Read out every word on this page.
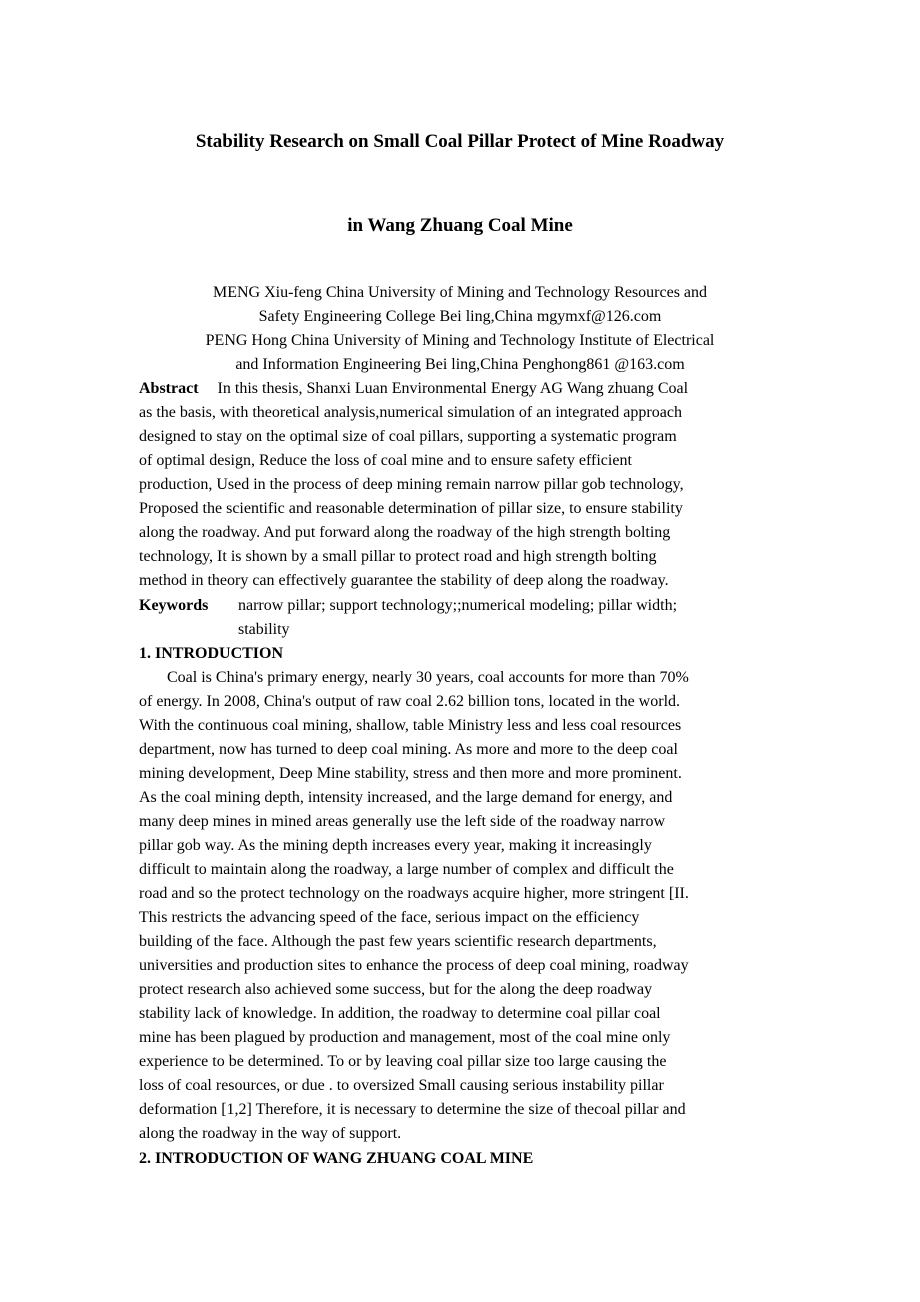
Stability Research on Small Coal Pillar Protect of Mine Roadway
in Wang Zhuang Coal Mine
MENG Xiu-feng China University of Mining and Technology Resources and
Safety Engineering College Bei ling,China mgymxf@126.com
PENG Hong China University of Mining and Technology Institute of Electrical
and Information Engineering Bei ling,China Penghong861 @163.com
Abstract In this thesis, Shanxi Luan Environmental Energy AG Wang zhuang Coal
as the basis, with theoretical analysis,numerical simulation of an integrated approach
designed to stay on the optimal size of coal pillars, supporting a systematic program
of optimal design, Reduce the loss of coal mine and to ensure safety efficient
production, Used in the process of deep mining remain narrow pillar gob technology,
Proposed the scientific and reasonable determination of pillar size, to ensure stability
along the roadway. And put forward along the roadway of the high strength bolting
technology, It is shown by a small pillar to protect road and high strength bolting
method in theory can effectively guarantee the stability of deep along the roadway.
Keywords narrow pillar; support technology;;numerical modeling; pillar width;
stability
1. INTRODUCTION
Coal is China's primary energy, nearly 30 years, coal accounts for more than 70%
of energy. In 2008, China's output of raw coal 2.62 billion tons, located in the world.
With the continuous coal mining, shallow, table Ministry less and less coal resources
department, now has turned to deep coal mining. As more and more to the deep coal
mining development, Deep Mine stability, stress and then more and more prominent.
As the coal mining depth, intensity increased, and the large demand for energy, and
many deep mines in mined areas generally use the left side of the roadway narrow
pillar gob way. As the mining depth increases every year, making it increasingly
difficult to maintain along the roadway, a large number of complex and difficult the
road and so the protect technology on the roadways acquire higher, more stringent [II.
This restricts the advancing speed of the face, serious impact on the efficiency
building of the face. Although the past few years scientific research departments,
universities and production sites to enhance the process of deep coal mining, roadway
protect research also achieved some success, but for the along the deep roadway
stability lack of knowledge. In addition, the roadway to determine coal pillar coal
mine has been plagued by production and management, most of the coal mine only
experience to be determined. To or by leaving coal pillar size too large causing the
loss of coal resources, or due . to oversized Small causing serious instability pillar
deformation [1,2] Therefore, it is necessary to determine the size of thecoal pillar and
along the roadway in the way of support.
2. INTRODUCTION OF WANG ZHUANG COAL MINE
